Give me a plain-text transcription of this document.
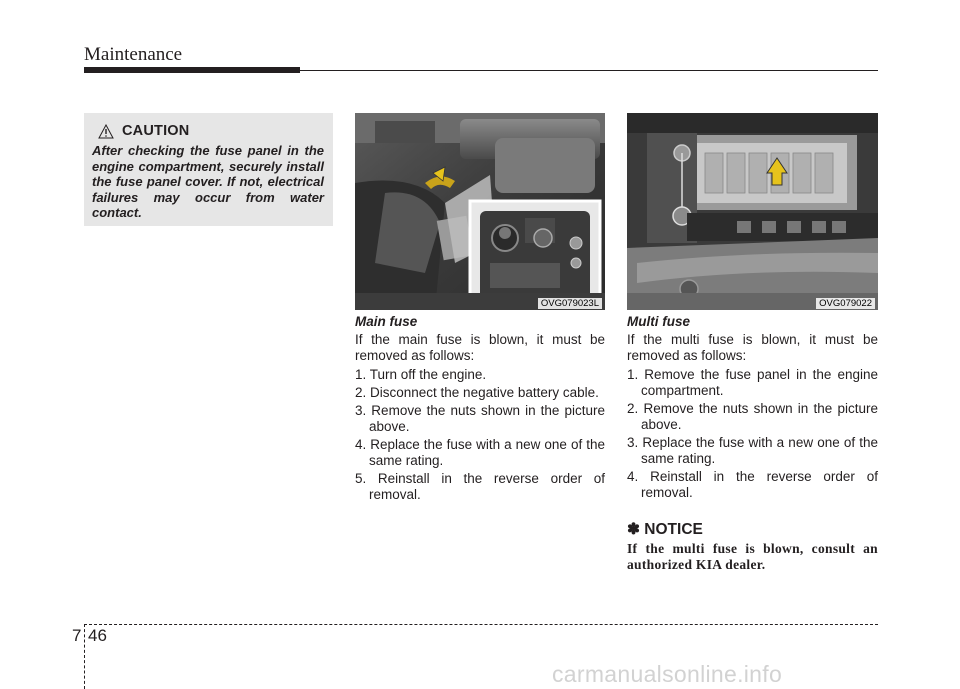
Maintenance
CAUTION
After checking the fuse panel in the engine compartment, securely install the fuse panel cover. If not, electrical failures may occur from water contact.
OVG079023L	OVG079022
Main fuse
If the main fuse is blown, it must be removed as follows:
1. Turn off the engine.
2. Disconnect the negative battery cable.
3. Remove the nuts shown in the picture above.
4. Replace the fuse with a new one of the same rating.
5. Reinstall in the reverse order of removal.
Multi fuse
If the multi fuse is blown, it must be removed as follows:
1. Remove the fuse panel in the engine compartment.
2. Remove the nuts shown in the picture above.
3. Replace the fuse with a new one of the same rating.
4. Reinstall in the reverse order of removal.
✽ NOTICE
If the multi fuse is blown, consult an authorized KIA dealer.
7 46
carmanualsonline.info
